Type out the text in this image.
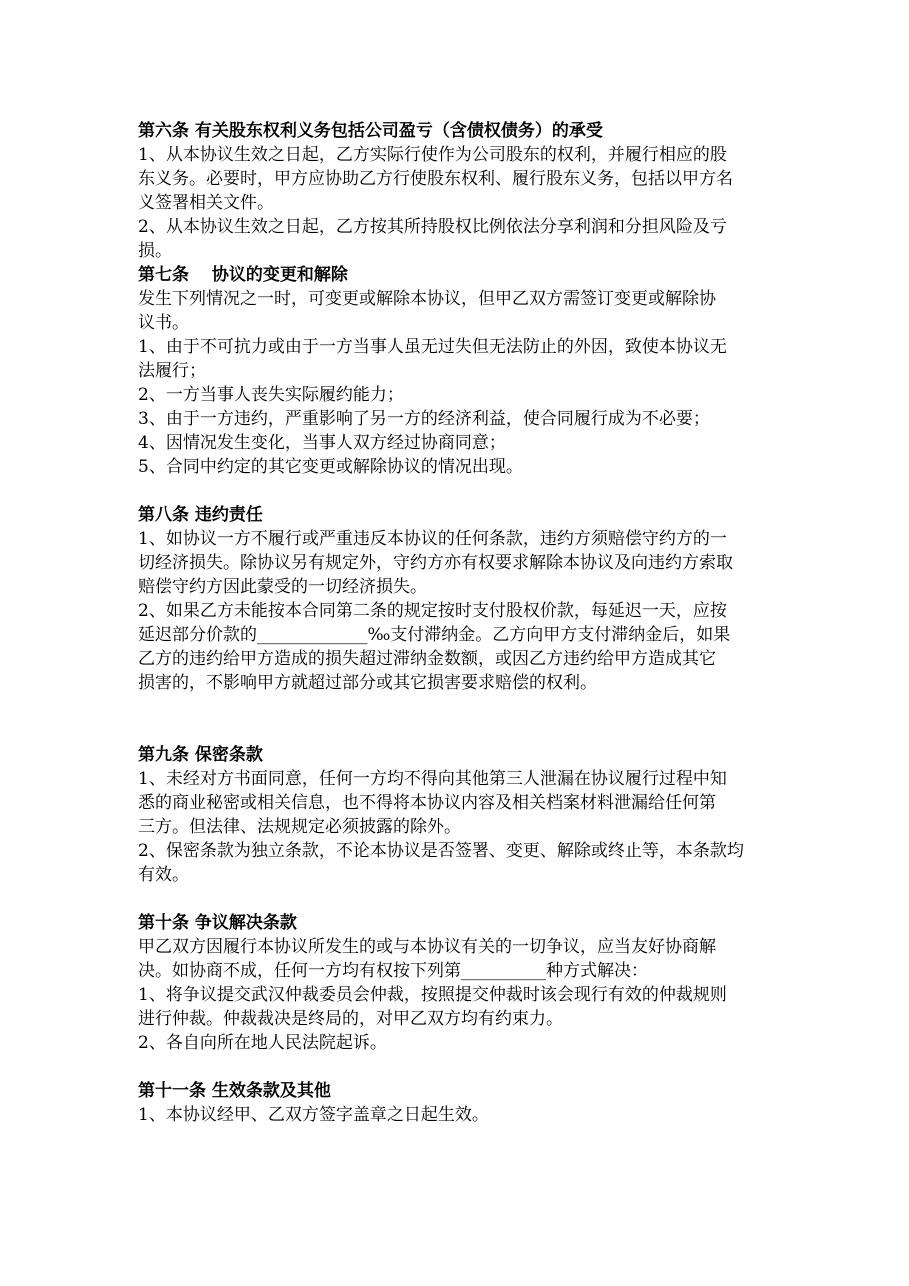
第六条 有关股东权利义务包括公司盈亏（含债权债务）的承受
1、从本协议生效之日起，乙方实际行使作为公司股东的权利，并履行相应的股
东义务。必要时，甲方应协助乙方行使股东权利、履行股东义务，包括以甲方名
义签署相关文件。
2、从本协议生效之日起，乙方按其所持股权比例依法分享利润和分担风险及亏
损。
第七条　 协议的变更和解除
发生下列情况之一时，可变更或解除本协议，但甲乙双方需签订变更或解除协
议书。
1、由于不可抗力或由于一方当事人虽无过失但无法防止的外因，致使本协议无
法履行；
2、一方当事人丧失实际履约能力；
3、由于一方违约，严重影响了另一方的经济利益，使合同履行成为不必要；
4、因情况发生变化，当事人双方经过协商同意；
5、合同中约定的其它变更或解除协议的情况出现。
第八条 违约责任
1、如协议一方不履行或严重违反本协议的任何条款，违约方须赔偿守约方的一
切经济损失。除协议另有规定外，守约方亦有权要求解除本协议及向违约方索取
赔偿守约方因此蒙受的一切经济损失。
2、如果乙方未能按本合同第二条的规定按时支付股权价款，每延迟一天，应按
延迟部分价款的_____________‰支付滞纳金。乙方向甲方支付滞纳金后，如果
乙方的违约给甲方造成的损失超过滞纳金数额，或因乙方违约给甲方造成其它
损害的，不影响甲方就超过部分或其它损害要求赔偿的权利。
第九条 保密条款
1、未经对方书面同意，任何一方均不得向其他第三人泄漏在协议履行过程中知
悉的商业秘密或相关信息，也不得将本协议内容及相关档案材料泄漏给任何第
三方。但法律、法规规定必须披露的除外。
2、保密条款为独立条款，不论本协议是否签署、变更、解除或终止等，本条款均
有效。
第十条 争议解决条款
甲乙双方因履行本协议所发生的或与本协议有关的一切争议，应当友好协商解
决。如协商不成，任何一方均有权按下列第__________种方式解决：
1、将争议提交武汉仲裁委员会仲裁，按照提交仲裁时该会现行有效的仲裁规则
进行仲裁。仲裁裁决是终局的，对甲乙双方均有约束力。
2、各自向所在地人民法院起诉。
第十一条 生效条款及其他
1、本协议经甲、乙双方签字盖章之日起生效。
